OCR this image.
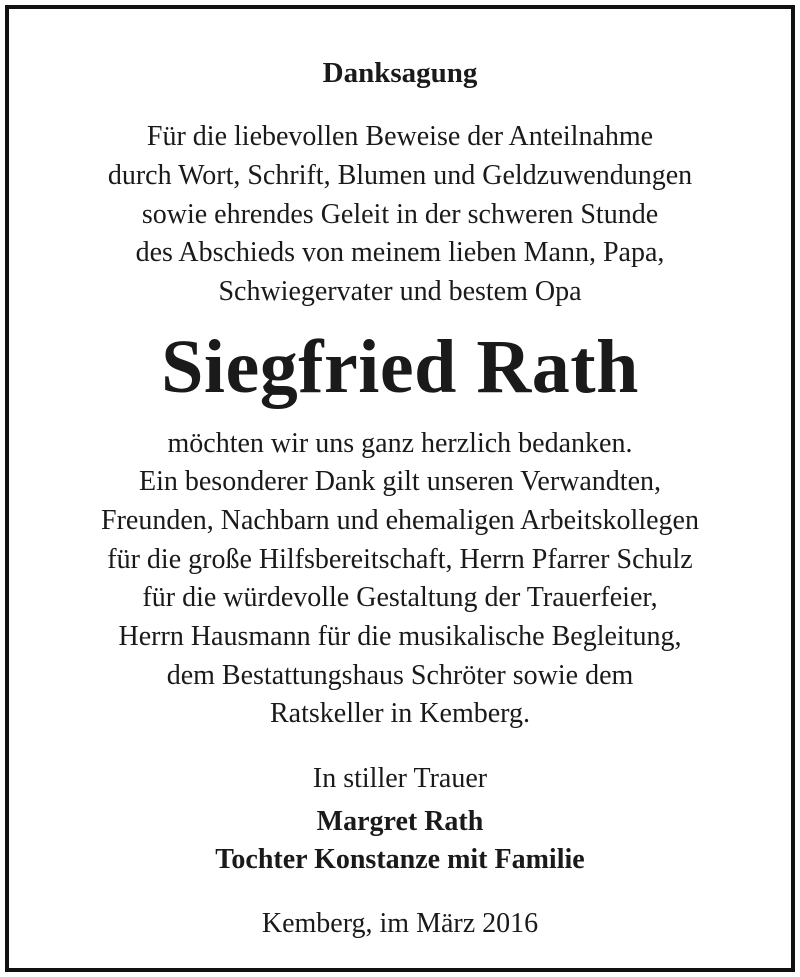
Danksagung
Für die liebevollen Beweise der Anteilnahme
durch Wort, Schrift, Blumen und Geldzuwendungen
sowie ehrendes Geleit in der schweren Stunde
des Abschieds von meinem lieben Mann, Papa,
Schwiegervater und bestem Opa
Siegfried Rath
möchten wir uns ganz herzlich bedanken.
Ein besonderer Dank gilt unseren Verwandten,
Freunden, Nachbarn und ehemaligen Arbeitskollegen
für die große Hilfsbereitschaft, Herrn Pfarrer Schulz
für die würdevolle Gestaltung der Trauerfeier,
Herrn Hausmann für die musikalische Begleitung,
dem Bestattungshaus Schröter sowie dem
Ratskeller in Kemberg.
In stiller Trauer
Margret Rath
Tochter Konstanze mit Familie
Kemberg, im März 2016
